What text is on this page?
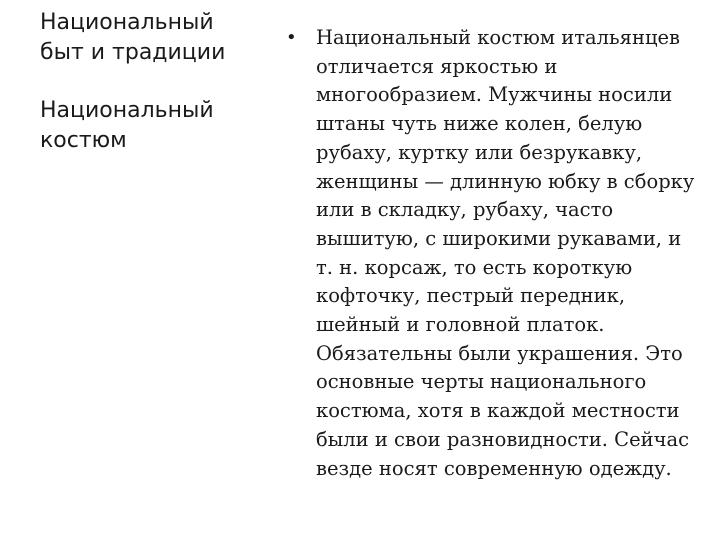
Национальный быт и традиции
Национальный костюм
• Национальный костюм итальянцев отличается яркостью и многообразием. Мужчины носили штаны чуть ниже колен, белую рубаху, куртку или безрукавку, женщины — длинную юбку в сборку или в складку, рубаху, часто вышитую, с широкими рукавами, и т. н. корсаж, то есть короткую кофточку, пестрый передник, шейный и головной платок. Обязательны были украшения. Это основные черты национального костюма, хотя в каждой местности были и свои разновидности. Сейчас везде носят современную одежду.
